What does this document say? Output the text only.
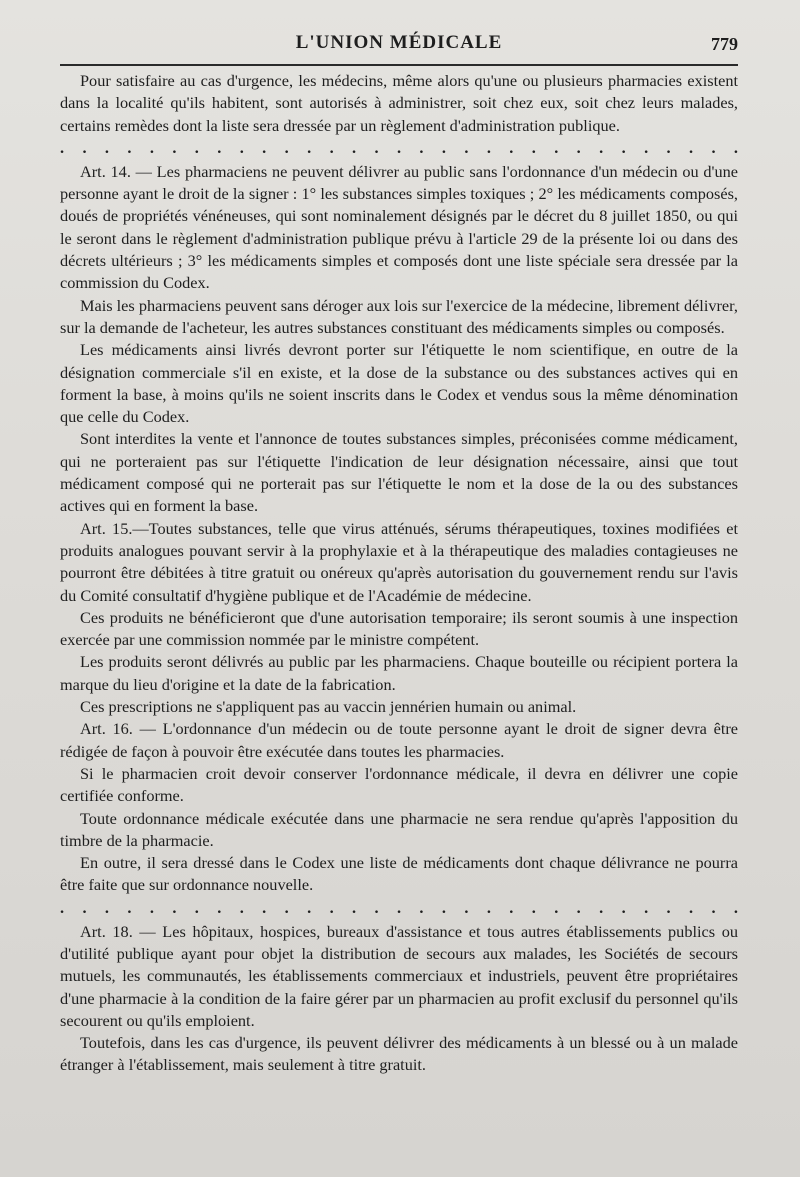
L'UNION MÉDICALE	779

Pour satisfaire au cas d'urgence, les médecins, même alors qu'une ou plusieurs pharmacies existent dans la localité qu'ils habitent, sont autorisés à administrer, soit chez eux, soit chez leurs malades, certains remèdes dont la liste sera dressée par un règlement d'administration publique.

. . . . . . . . . . . . . . . . . . . . . . . . . . . . . . .

Art. 14. — Les pharmaciens ne peuvent délivrer au public sans l'ordonnance d'un médecin ou d'une personne ayant le droit de la signer : 1° les substances simples toxiques ; 2° les médicaments composés, doués de propriétés vénéneuses, qui sont nominalement désignés par le décret du 8 juillet 1850, ou qui le seront dans le règlement d'administration publique prévu à l'article 29 de la présente loi ou dans des décrets ultérieurs ; 3° les médicaments simples et composés dont une liste spéciale sera dressée par la commission du Codex.

Mais les pharmaciens peuvent sans déroger aux lois sur l'exercice de la médecine, librement délivrer, sur la demande de l'acheteur, les autres substances constituant des médicaments simples ou composés.

Les médicaments ainsi livrés devront porter sur l'étiquette le nom scientifique, en outre de la désignation commerciale s'il en existe, et la dose de la substance ou des substances actives qui en forment la base, à moins qu'ils ne soient inscrits dans le Codex et vendus sous la même dénomination que celle du Codex.

Sont interdites la vente et l'annonce de toutes substances simples, préconisées comme médicament, qui ne porteraient pas sur l'étiquette l'indication de leur désignation nécessaire, ainsi que tout médicament composé qui ne porterait pas sur l'étiquette le nom et la dose de la ou des substances actives qui en forment la base.

Art. 15.—Toutes substances, telle que virus atténués, sérums thérapeutiques, toxines modifiées et produits analogues pouvant servir à la prophylaxie et à la thérapeutique des maladies contagieuses ne pourront être débitées à titre gratuit ou onéreux qu'après autorisation du gouvernement rendu sur l'avis du Comité consultatif d'hygiène publique et de l'Académie de médecine.

Ces produits ne bénéficieront que d'une autorisation temporaire; ils seront soumis à une inspection exercée par une commission nommée par le ministre compétent.

Les produits seront délivrés au public par les pharmaciens. Chaque bouteille ou récipient portera la marque du lieu d'origine et la date de la fabrication.

Ces prescriptions ne s'appliquent pas au vaccin jennérien humain ou animal.

Art. 16. — L'ordonnance d'un médecin ou de toute personne ayant le droit de signer devra être rédigée de façon à pouvoir être exécutée dans toutes les pharmacies.

Si le pharmacien croit devoir conserver l'ordonnance médicale, il devra en délivrer une copie certifiée conforme.

Toute ordonnance médicale exécutée dans une pharmacie ne sera rendue qu'après l'apposition du timbre de la pharmacie.

En outre, il sera dressé dans le Codex une liste de médicaments dont chaque délivrance ne pourra être faite que sur ordonnance nouvelle.

. . . . . . . . . . . . . . . . . . . . . . . . . . . . . . .

Art. 18. — Les hôpitaux, hospices, bureaux d'assistance et tous autres établissements publics ou d'utilité publique ayant pour objet la distribution de secours aux malades, les Sociétés de secours mutuels, les communautés, les établissements commerciaux et industriels, peuvent être propriétaires d'une pharmacie à la condition de la faire gérer par un pharmacien au profit exclusif du personnel qu'ils secourent ou qu'ils emploient.

Toutefois, dans les cas d'urgence, ils peuvent délivrer des médicaments à un blessé ou à un malade étranger à l'établissement, mais seulement à titre gratuit.
